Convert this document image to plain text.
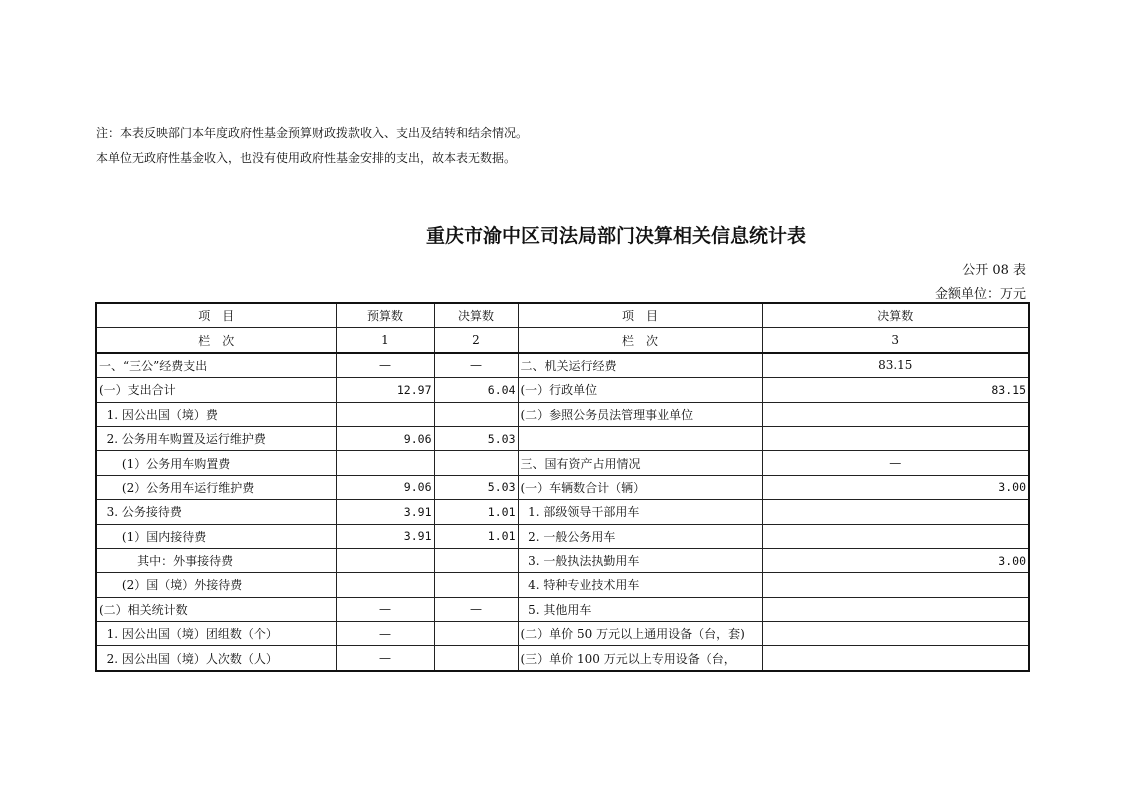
注：本表反映部门本年度政府性基金预算财政拨款收入、支出及结转和结余情况。
本单位无政府性基金收入，也没有使用政府性基金安排的支出，故本表无数据。
重庆市渝中区司法局部门决算相关信息统计表
公开 08 表
金额单位：万元
项　目	预算数	决算数	项　目	决算数
栏　次	1	2	栏　次	3
一、“三公”经费支出	—	—	二、机关运行经费	83.15
(一）支出合计	12.97	6.04	(一）行政单位	83.15
1. 因公出国（境）费			(二）参照公务员法管理事业单位	
2. 公务用车购置及运行维护费	9.06	5.03		
(1）公务用车购置费			三、国有资产占用情况	—
(2）公务用车运行维护费	9.06	5.03	(一）车辆数合计（辆）	3.00
3. 公务接待费	3.91	1.01	1. 部级领导干部用车	
(1）国内接待费	3.91	1.01	2. 一般公务用车	
其中：外事接待费			3. 一般执法执勤用车	3.00
(2）国（境）外接待费			4. 特种专业技术用车	
(二）相关统计数	—	—	5. 其他用车	
1. 因公出国（境）团组数（个）	—		(二）单价 50 万元以上通用设备（台，套)	
2. 因公出国（境）人次数（人）	—		(三）单价 100 万元以上专用设备（台，	
